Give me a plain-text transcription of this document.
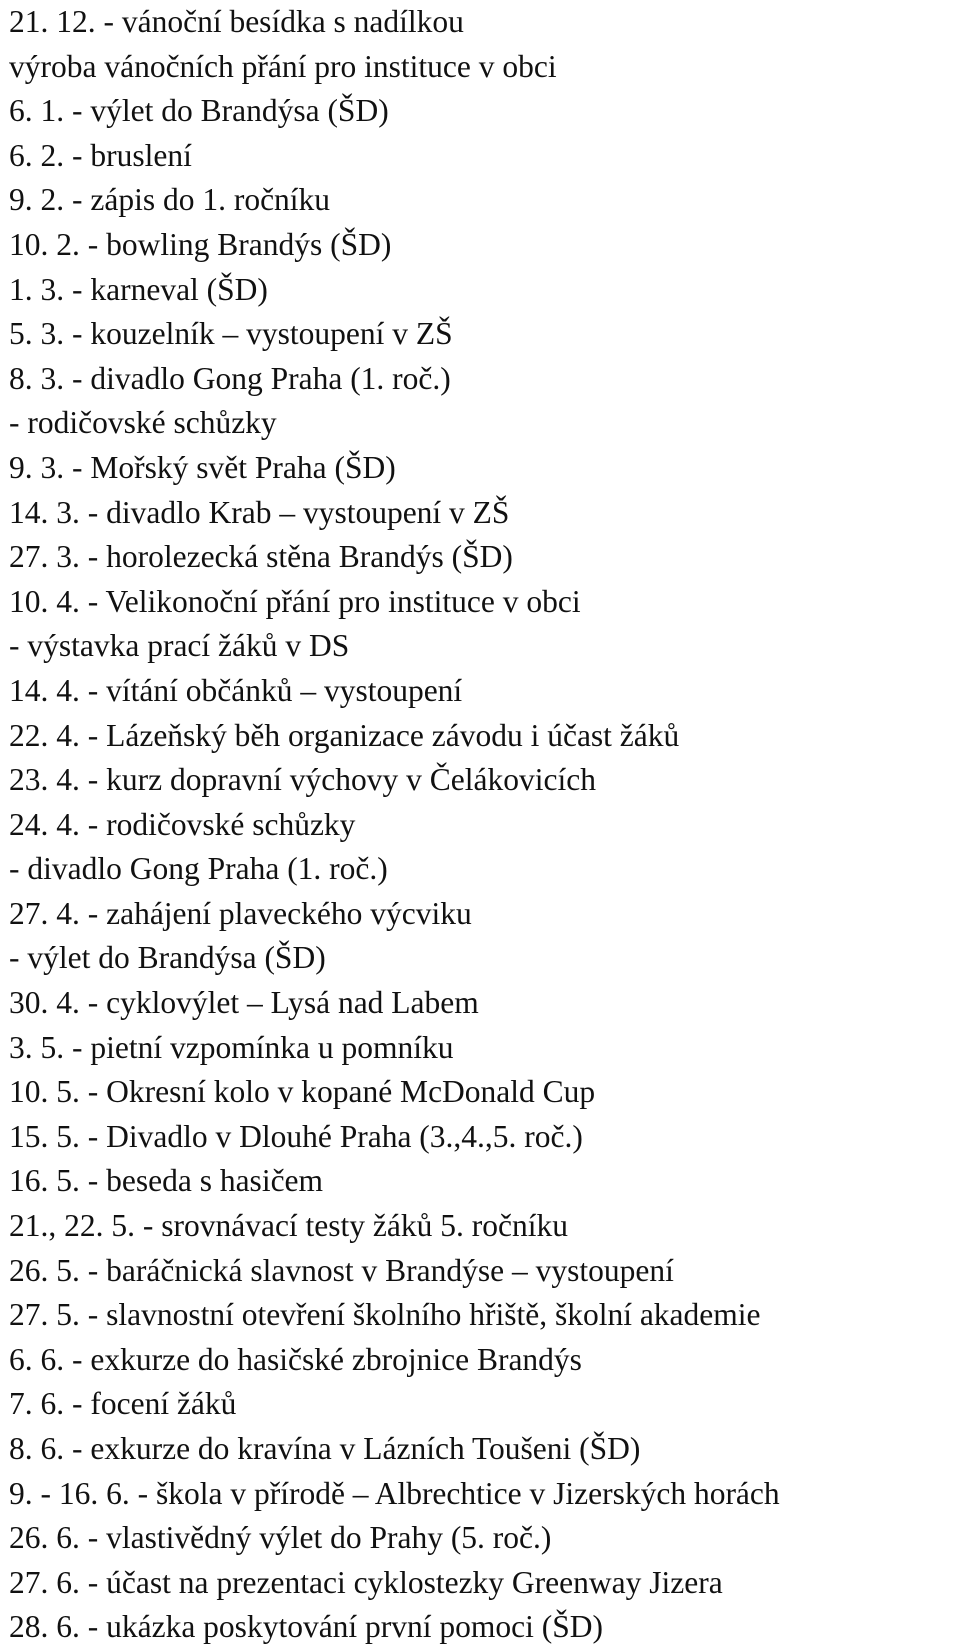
21. 12. - vánoční besídka s nadílkou
výroba vánočních přání pro instituce v obci
6. 1. - výlet do Brandýsa (ŠD)
6. 2. - bruslení
9. 2. - zápis do 1. ročníku
10. 2. - bowling Brandýs (ŠD)
1. 3. - karneval (ŠD)
5. 3. - kouzelník – vystoupení v ZŠ
8. 3. - divadlo Gong Praha (1. roč.)
- rodičovské schůzky
9. 3. - Mořský svět Praha (ŠD)
14. 3. - divadlo Krab – vystoupení v ZŠ
27. 3. - horolezecká stěna Brandýs (ŠD)
10. 4. - Velikonoční přání pro instituce v obci
- výstavka prací žáků v DS
14. 4. - vítání občánků – vystoupení
22. 4. - Lázeňský běh organizace závodu i účast žáků
23. 4. - kurz dopravní výchovy v Čelákovicích
24. 4. - rodičovské schůzky
- divadlo Gong Praha (1. roč.)
27. 4. - zahájení plaveckého výcviku
- výlet do Brandýsa (ŠD)
30. 4. - cyklovýlet – Lysá nad Labem
3. 5. - pietní vzpomínka u pomníku
10. 5. - Okresní kolo v kopané McDonald Cup
15. 5. - Divadlo v Dlouhé Praha (3.,4.,5. roč.)
16. 5. - beseda s hasičem
21., 22. 5. - srovnávací testy žáků 5. ročníku
26. 5. - baráčnická slavnost v Brandýse – vystoupení
27. 5. - slavnostní otevření školního hřiště, školní akademie
6. 6. - exkurze do hasičské zbrojnice Brandýs
7. 6. - focení žáků
8. 6. - exkurze do kravína v Lázních Toušeni (ŠD)
9. - 16. 6. - škola v přírodě – Albrechtice v Jizerských horách
26. 6. - vlastivědný výlet do Prahy (5. roč.)
27. 6. - účast na prezentaci cyklostezky Greenway Jizera
28. 6. - ukázka poskytování první pomoci (ŠD)
